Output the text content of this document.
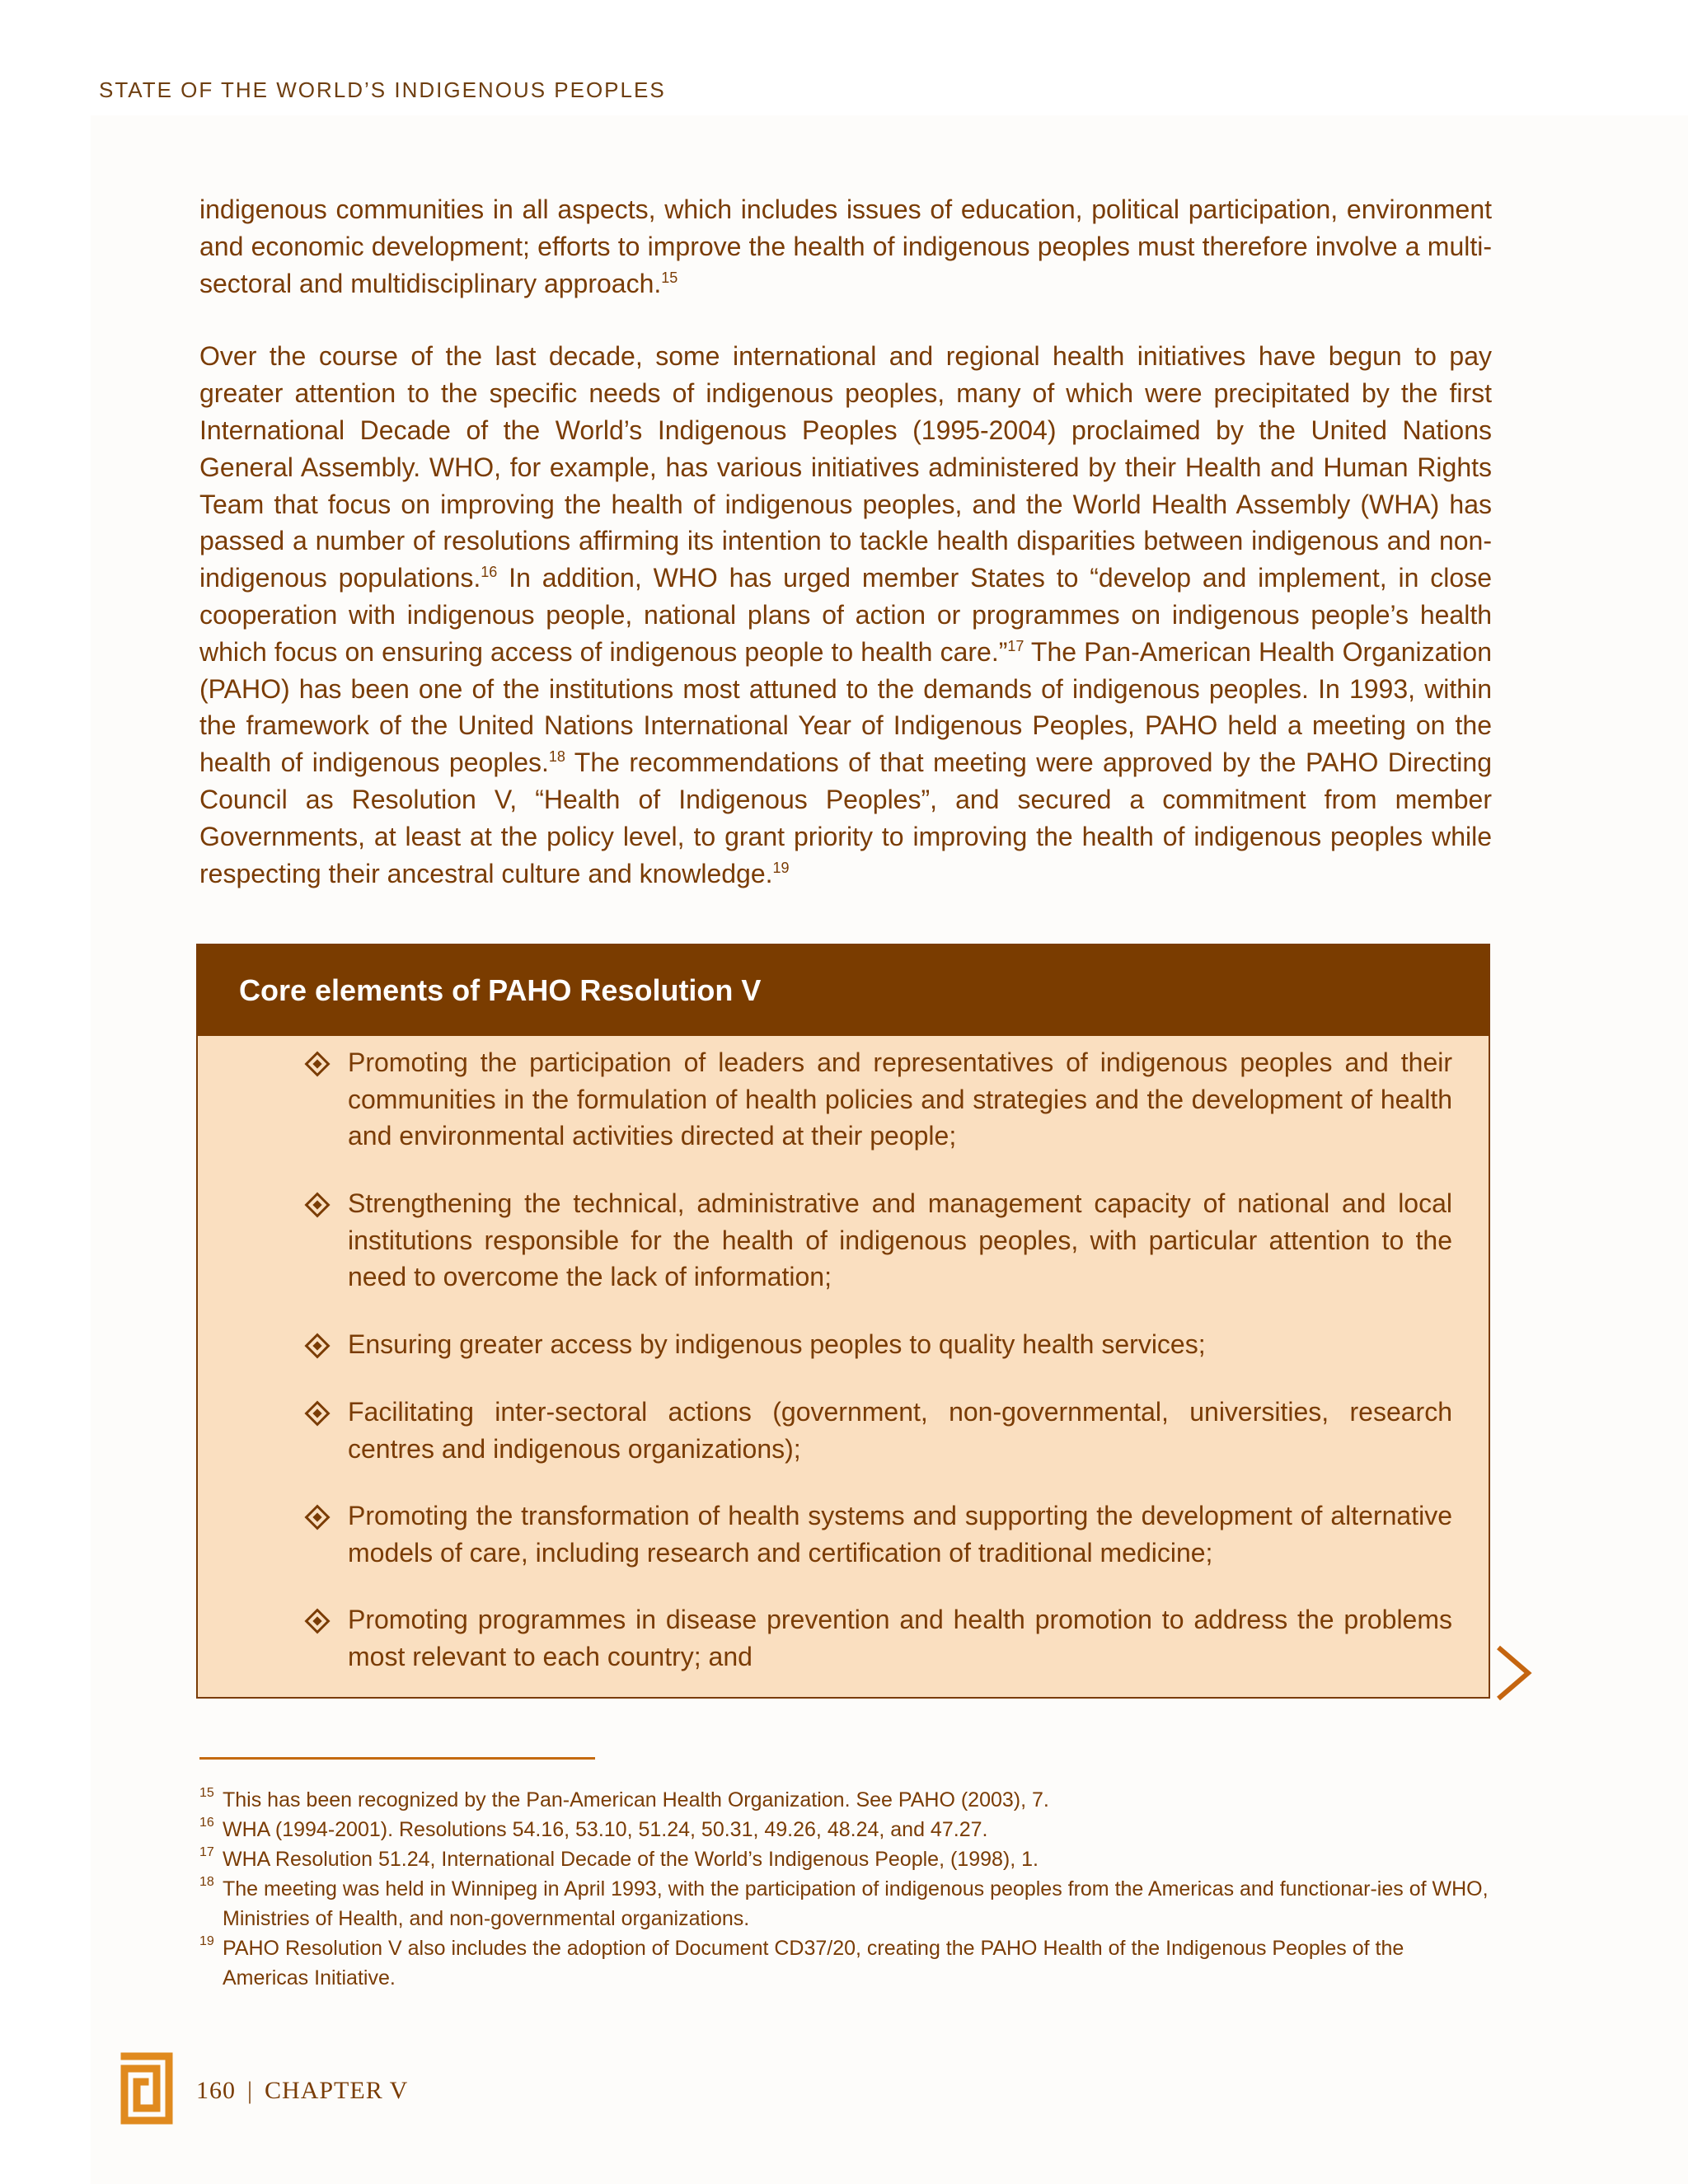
STATE OF THE WORLD’S INDIGENOUS PEOPLES

indigenous communities in all aspects, which includes issues of education, political participation, environment and economic development; efforts to improve the health of indigenous peoples must therefore involve a multi-sectoral and multidisciplinary approach.$^{15}$

Over the course of the last decade, some international and regional health initiatives have begun to pay greater attention to the specific needs of indigenous peoples, many of which were precipitated by the first International Decade of the World’s Indigenous Peoples (1995-2004) proclaimed by the United Nations General Assembly. WHO, for example, has various initiatives administered by their Health and Human Rights Team that focus on improving the health of indigenous peoples, and the World Health Assembly (WHA) has passed a number of resolutions affirming its intention to tackle health disparities between indigenous and non-indigenous populations.$^{16}$ In addition, WHO has urged member States to “develop and implement, in close cooperation with indigenous people, national plans of action or programmes on indigenous people’s health which focus on ensuring access of indigenous people to health care.”$^{17}$ The Pan-American Health Organization (PAHO) has been one of the institutions most attuned to the demands of indigenous peoples. In 1993, within the framework of the United Nations International Year of Indigenous Peoples, PAHO held a meeting on the health of indigenous peoples.$^{18}$ The recommendations of that meeting were approved by the PAHO Directing Council as Resolution V, “Health of Indigenous Peoples”, and secured a commitment from member Governments, at least at the policy level, to grant priority to improving the health of indigenous peoples while respecting their ancestral culture and knowledge.$^{19}$

Core elements of PAHO Resolution V
Promoting the participation of leaders and representatives of indigenous peoples and their communities in the formulation of health policies and strategies and the development of health and environmental activities directed at their people;
Strengthening the technical, administrative and management capacity of national and local institutions responsible for the health of indigenous peoples, with particular attention to the need to overcome the lack of information;
Ensuring greater access by indigenous peoples to quality health services;
Facilitating inter-sectoral actions (government, non-governmental, universities, research centres and indigenous organizations);
Promoting the transformation of health systems and supporting the development of alternative models of care, including research and certification of traditional medicine;
Promoting programmes in disease prevention and health promotion to address the problems most relevant to each country; and
15 This has been recognized by the Pan-American Health Organization. See PAHO (2003), 7.
16 WHA (1994-2001). Resolutions 54.16, 53.10, 51.24, 50.31, 49.26, 48.24, and 47.27.
17 WHA Resolution 51.24, International Decade of the World’s Indigenous People, (1998), 1.
18 The meeting was held in Winnipeg in April 1993, with the participation of indigenous peoples from the Americas and functionar-ies of WHO, Ministries of Health, and non-governmental organizations.
19 PAHO Resolution V also includes the adoption of Document CD37/20, creating the PAHO Health of the Indigenous Peoples of the Americas Initiative.
160 | CHAPTER V
